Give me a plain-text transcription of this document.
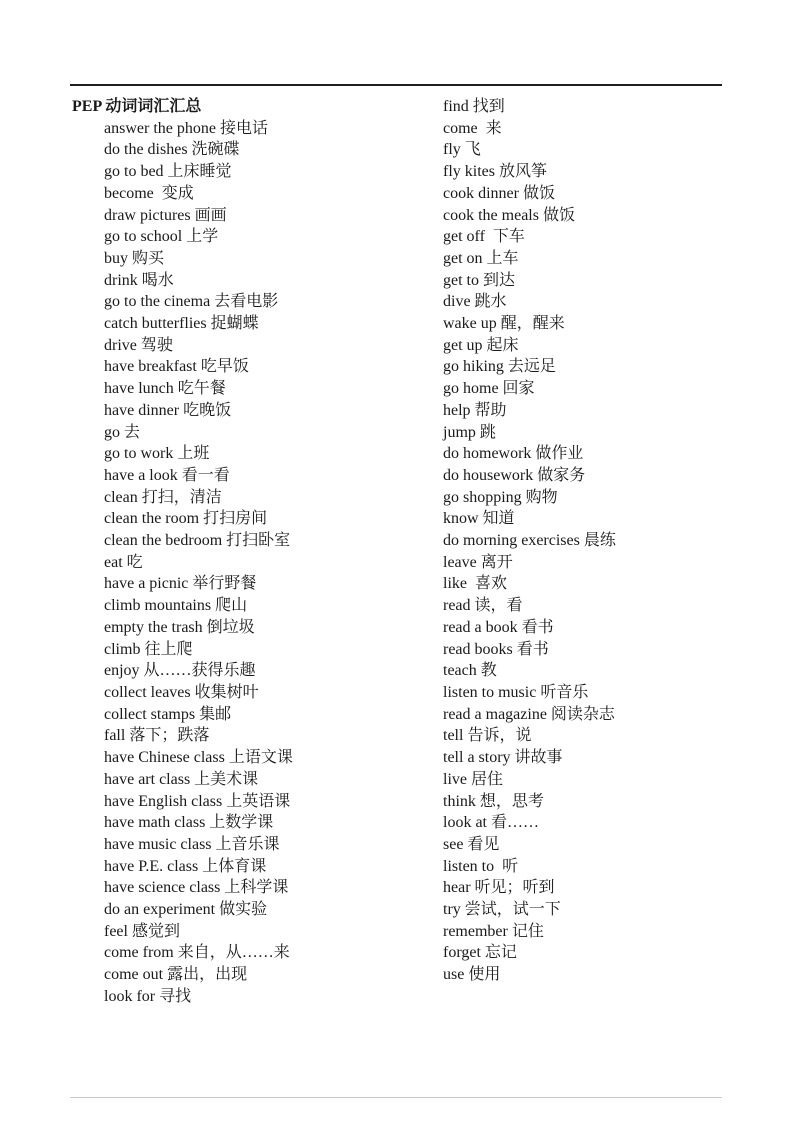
PEP 动词词汇汇总
answer the phone 接电话
do the dishes 洗碗碟
go to bed 上床睡觉
become  变成
draw pictures 画画
go to school 上学
buy 购买
drink 喝水
go to the cinema 去看电影
catch butterflies 捉蝴蝶
drive 驾驶
have breakfast 吃早饭
have lunch 吃午餐
have dinner 吃晚饭
go 去
go to work 上班
have a look 看一看
clean 打扫，清洁
clean the room 打扫房间
clean the bedroom 打扫卧室
eat 吃
have a picnic 举行野餐
climb mountains 爬山
empty the trash 倒垃圾
climb 往上爬
enjoy 从……获得乐趣
collect leaves 收集树叶
collect stamps 集邮
fall 落下；跌落
have Chinese class 上语文课
have art class 上美术课
have English class 上英语课
have math class 上数学课
have music class 上音乐课
have P.E. class 上体育课
have science class 上科学课
do an experiment 做实验
feel 感觉到
come from 来自，从……来
come out 露出，出现
look for 寻找
find 找到
come  来
fly 飞
fly kites 放风筝
cook dinner 做饭
cook the meals 做饭
get off  下车
get on 上车
get to 到达
dive 跳水
wake up 醒，醒来
get up 起床
go hiking 去远足
go home 回家
help 帮助
jump 跳
do homework 做作业
do housework 做家务
go shopping 购物
know 知道
do morning exercises 晨练
leave 离开
like  喜欢
read 读，看
read a book 看书
read books 看书
teach 教
listen to music 听音乐
read a magazine 阅读杂志
tell 告诉，说
tell a story 讲故事
live 居住
think 想，思考
look at 看……
see 看见
listen to  听
hear 听见；听到
try 尝试，试一下
remember 记住
forget 忘记
use 使用
